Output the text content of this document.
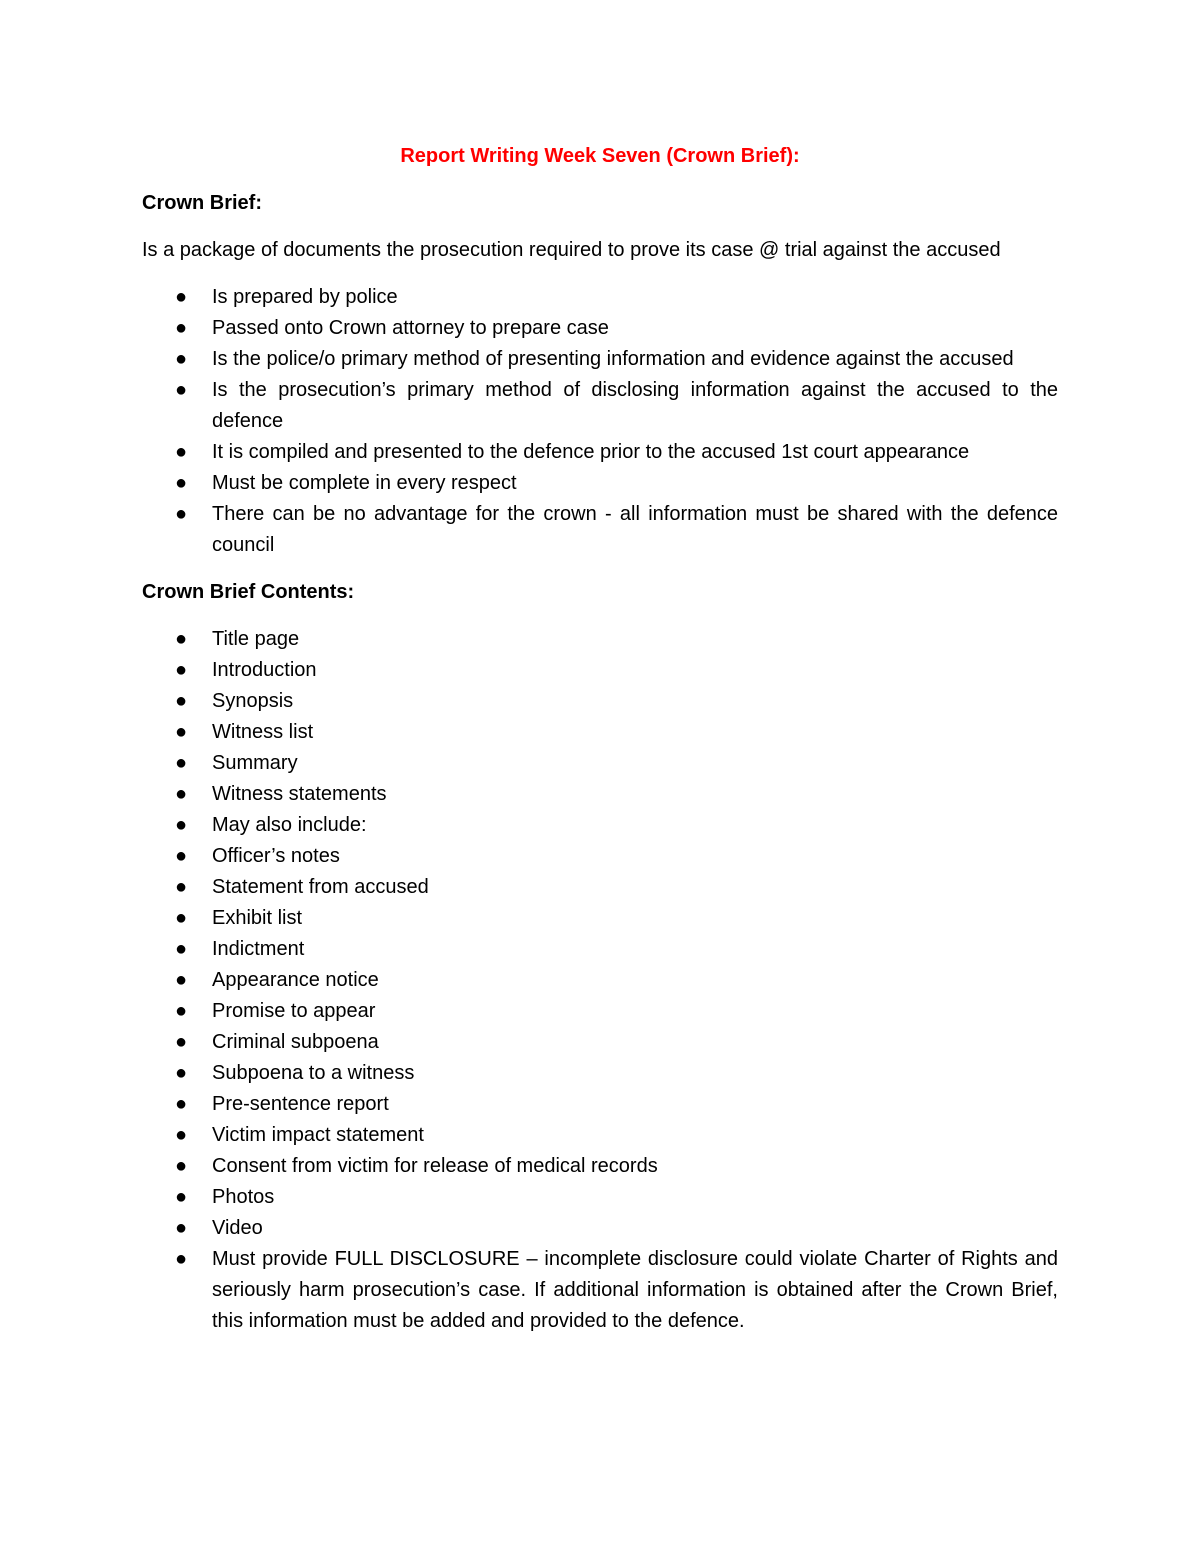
Report Writing Week Seven (Crown Brief):
Crown Brief:
Is a package of documents the prosecution required to prove its case @ trial against the accused
● Is prepared by police
● Passed onto Crown attorney to prepare case
● Is the police/o primary method of presenting information and evidence against the accused
● Is the prosecution’s primary method of disclosing information against the accused to the defence
● It is compiled and presented to the defence prior to the accused 1st court appearance
● Must be complete in every respect
● There can be no advantage for the crown - all information must be shared with the defence council
Crown Brief Contents:
● Title page
● Introduction
● Synopsis
● Witness list
● Summary
● Witness statements
● May also include:
● Officer’s notes
● Statement from accused
● Exhibit list
● Indictment
● Appearance notice
● Promise to appear
● Criminal subpoena
● Subpoena to a witness
● Pre-sentence report
● Victim impact statement
● Consent from victim for release of medical records
● Photos
● Video
● Must provide FULL DISCLOSURE – incomplete disclosure could violate Charter of Rights and seriously harm prosecution’s case. If additional information is obtained after the Crown Brief, this information must be added and provided to the defence.
